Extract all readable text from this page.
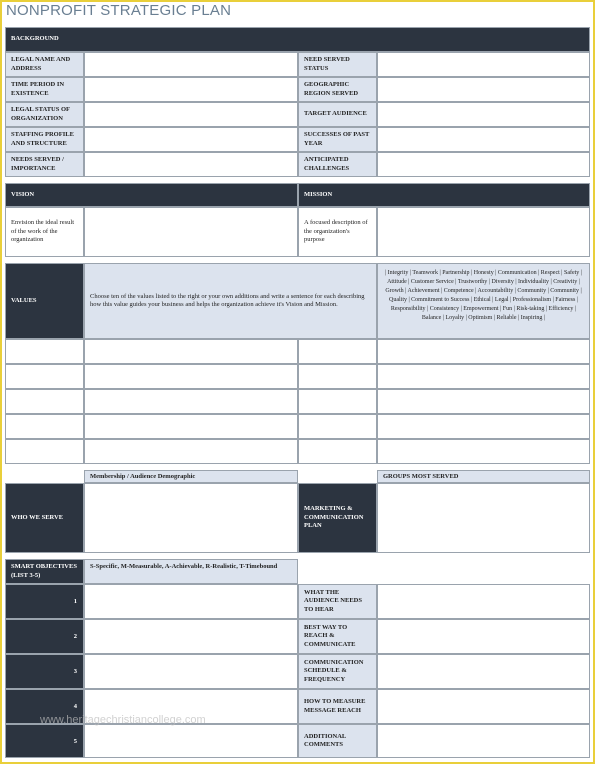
NONPROFIT STRATEGIC PLAN
BACKGROUND
LEGAL NAME AND ADDRESS
NEED SERVED STATUS
TIME PERIOD IN EXISTENCE
GEOGRAPHIC REGION SERVED
LEGAL STATUS OF ORGANIZATION
TARGET AUDIENCE
STAFFING PROFILE AND STRUCTURE
SUCCESSES OF PAST YEAR
NEEDS SERVED / IMPORTANCE
ANTICIPATED CHALLENGES
VISION	MISSION
Envision the ideal result of the work of the organization
A focused description of the organization's purpose
VALUES
Choose ten of the values listed to the right or your own additions and write a sentence for each describing how this value guides your business and helps the organization achieve it's Vision and Mission.
| Integrity | Teamwork | Partnership | Honesty | Communication | Respect | Safety | Attitude | Customer Service | Trustworthy | Diversity | Individuality | Creativity | Growth | Achievement | Competence | Accountability | Community | Community | Quality | Commitment to Success | Ethical | Legal | Professionalism | Fairness | Responsibility | Consistency | Empowerment | Fun | Risk-taking | Efficiency | Balance | Loyalty | Optimism | Reliable | Inspiring |
Membership / Audience Demographic	GROUPS MOST SERVED
WHO WE SERVE
MARKETING & COMMUNICATION PLAN
SMART OBJECTIVES (LIST 3-5)
S-Specific, M-Measurable, A-Achievable, R-Realistic, T-Timebound
1
WHAT THE AUDIENCE NEEDS TO HEAR
2
BEST WAY TO REACH & COMMUNICATE
3
COMMUNICATION SCHEDULE & FREQUENCY
4
HOW TO MEASURE MESSAGE REACH
5
ADDITIONAL COMMENTS
www.heritagechristiancollege.com
